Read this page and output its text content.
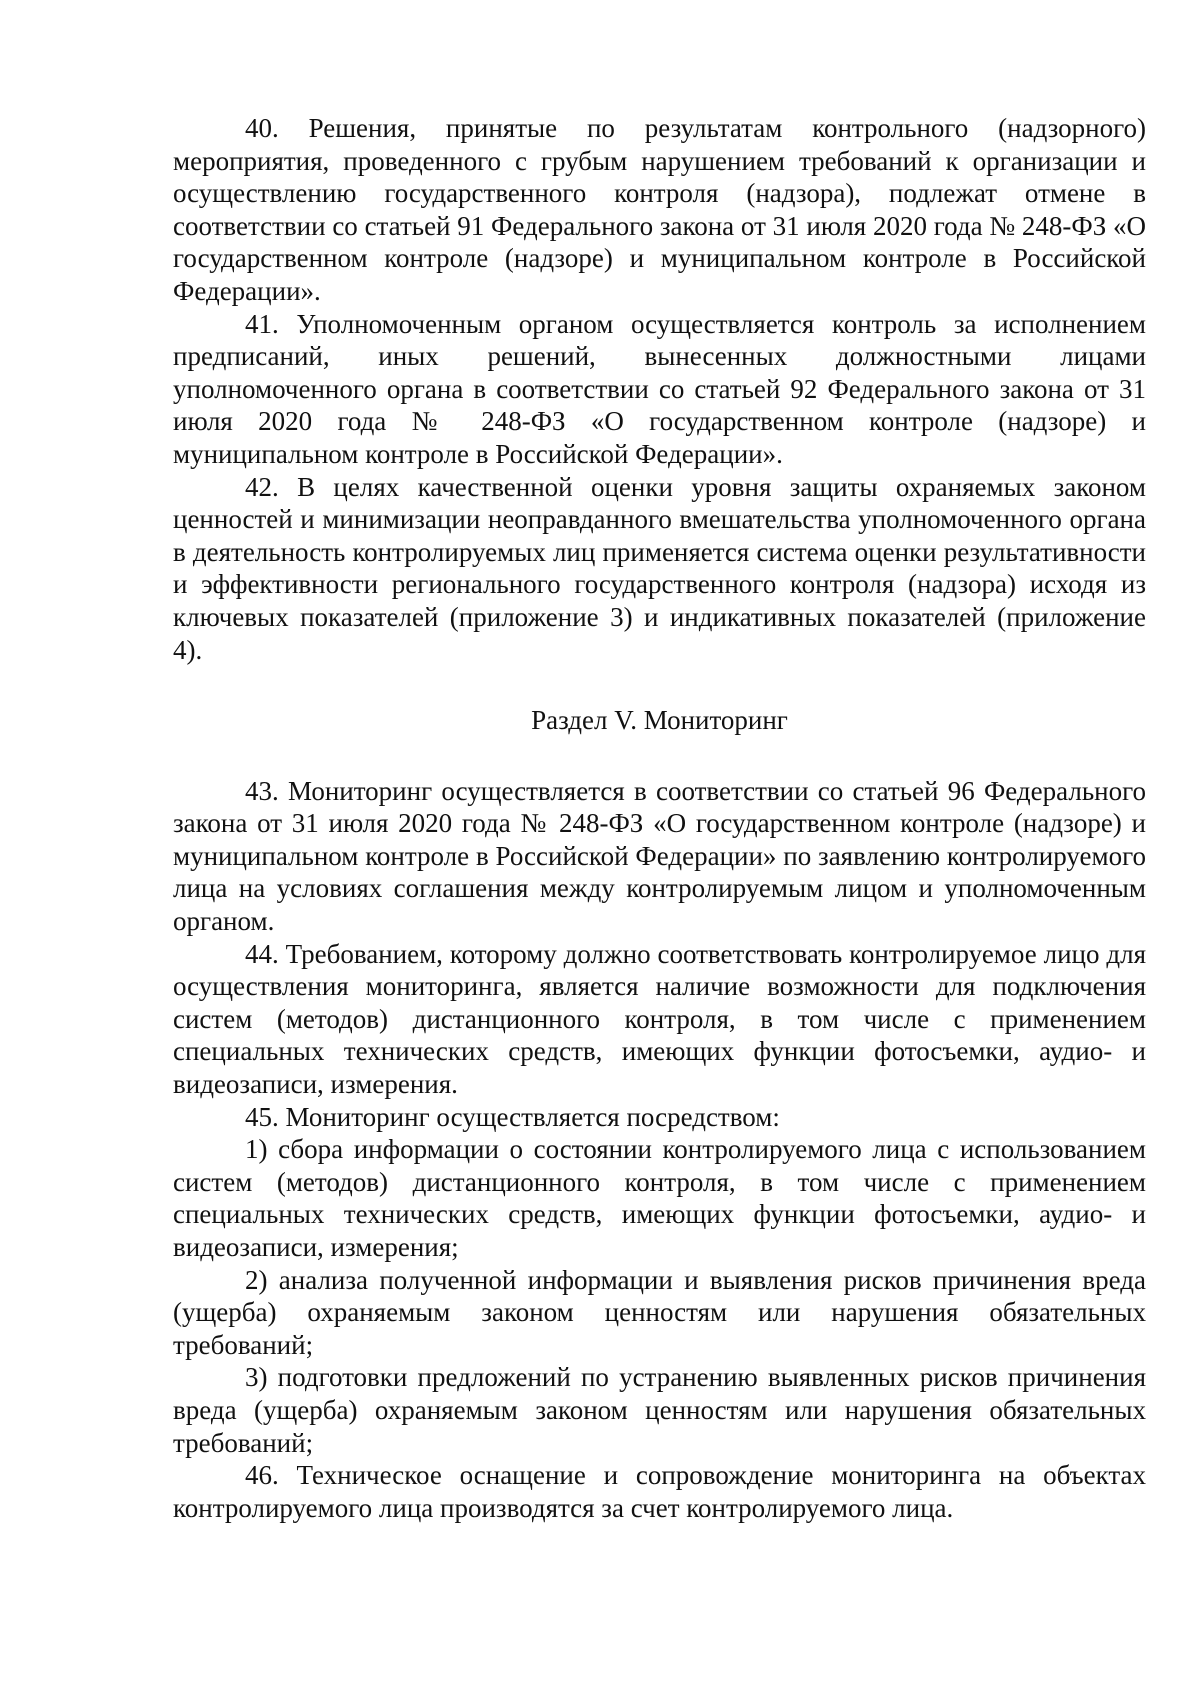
40. Решения, принятые по результатам контрольного (надзорного) мероприятия, проведенного с грубым нарушением требований к организации и осуществлению государственного контроля (надзора), подлежат отмене в соответствии со статьей 91 Федерального закона от 31 июля 2020 года № 248-ФЗ «О государственном контроле (надзоре) и муниципальном контроле в Российской Федерации».

41. Уполномоченным органом осуществляется контроль за исполнением предписаний, иных решений, вынесенных должностными лицами уполномоченного органа в соответствии со статьей 92 Федерального закона от 31 июля 2020 года № 248-ФЗ «О государственном контроле (надзоре) и муниципальном контроле в Российской Федерации».

42. В целях качественной оценки уровня защиты охраняемых законом ценностей и минимизации неоправданного вмешательства уполномоченного органа в деятельность контролируемых лиц применяется система оценки результативности и эффективности регионального государственного контроля (надзора) исходя из ключевых показателей (приложение 3) и индикативных показателей (приложение 4).

Раздел V. Мониторинг

43. Мониторинг осуществляется в соответствии со статьей 96 Федерального закона от 31 июля 2020 года № 248-ФЗ «О государственном контроле (надзоре) и муниципальном контроле в Российской Федерации» по заявлению контролируемого лица на условиях соглашения между контролируемым лицом и уполномоченным органом.

44. Требованием, которому должно соответствовать контролируемое лицо для осуществления мониторинга, является наличие возможности для подключения систем (методов) дистанционного контроля, в том числе с применением специальных технических средств, имеющих функции фотосъемки, аудио- и видеозаписи, измерения.

45. Мониторинг осуществляется посредством:

1) сбора информации о состоянии контролируемого лица с использованием систем (методов) дистанционного контроля, в том числе с применением специальных технических средств, имеющих функции фотосъемки, аудио- и видеозаписи, измерения;

2) анализа полученной информации и выявления рисков причинения вреда (ущерба) охраняемым законом ценностям или нарушения обязательных требований;

3) подготовки предложений по устранению выявленных рисков причинения вреда (ущерба) охраняемым законом ценностям или нарушения обязательных требований;

46. Техническое оснащение и сопровождение мониторинга на объектах контролируемого лица производятся за счет контролируемого лица.
